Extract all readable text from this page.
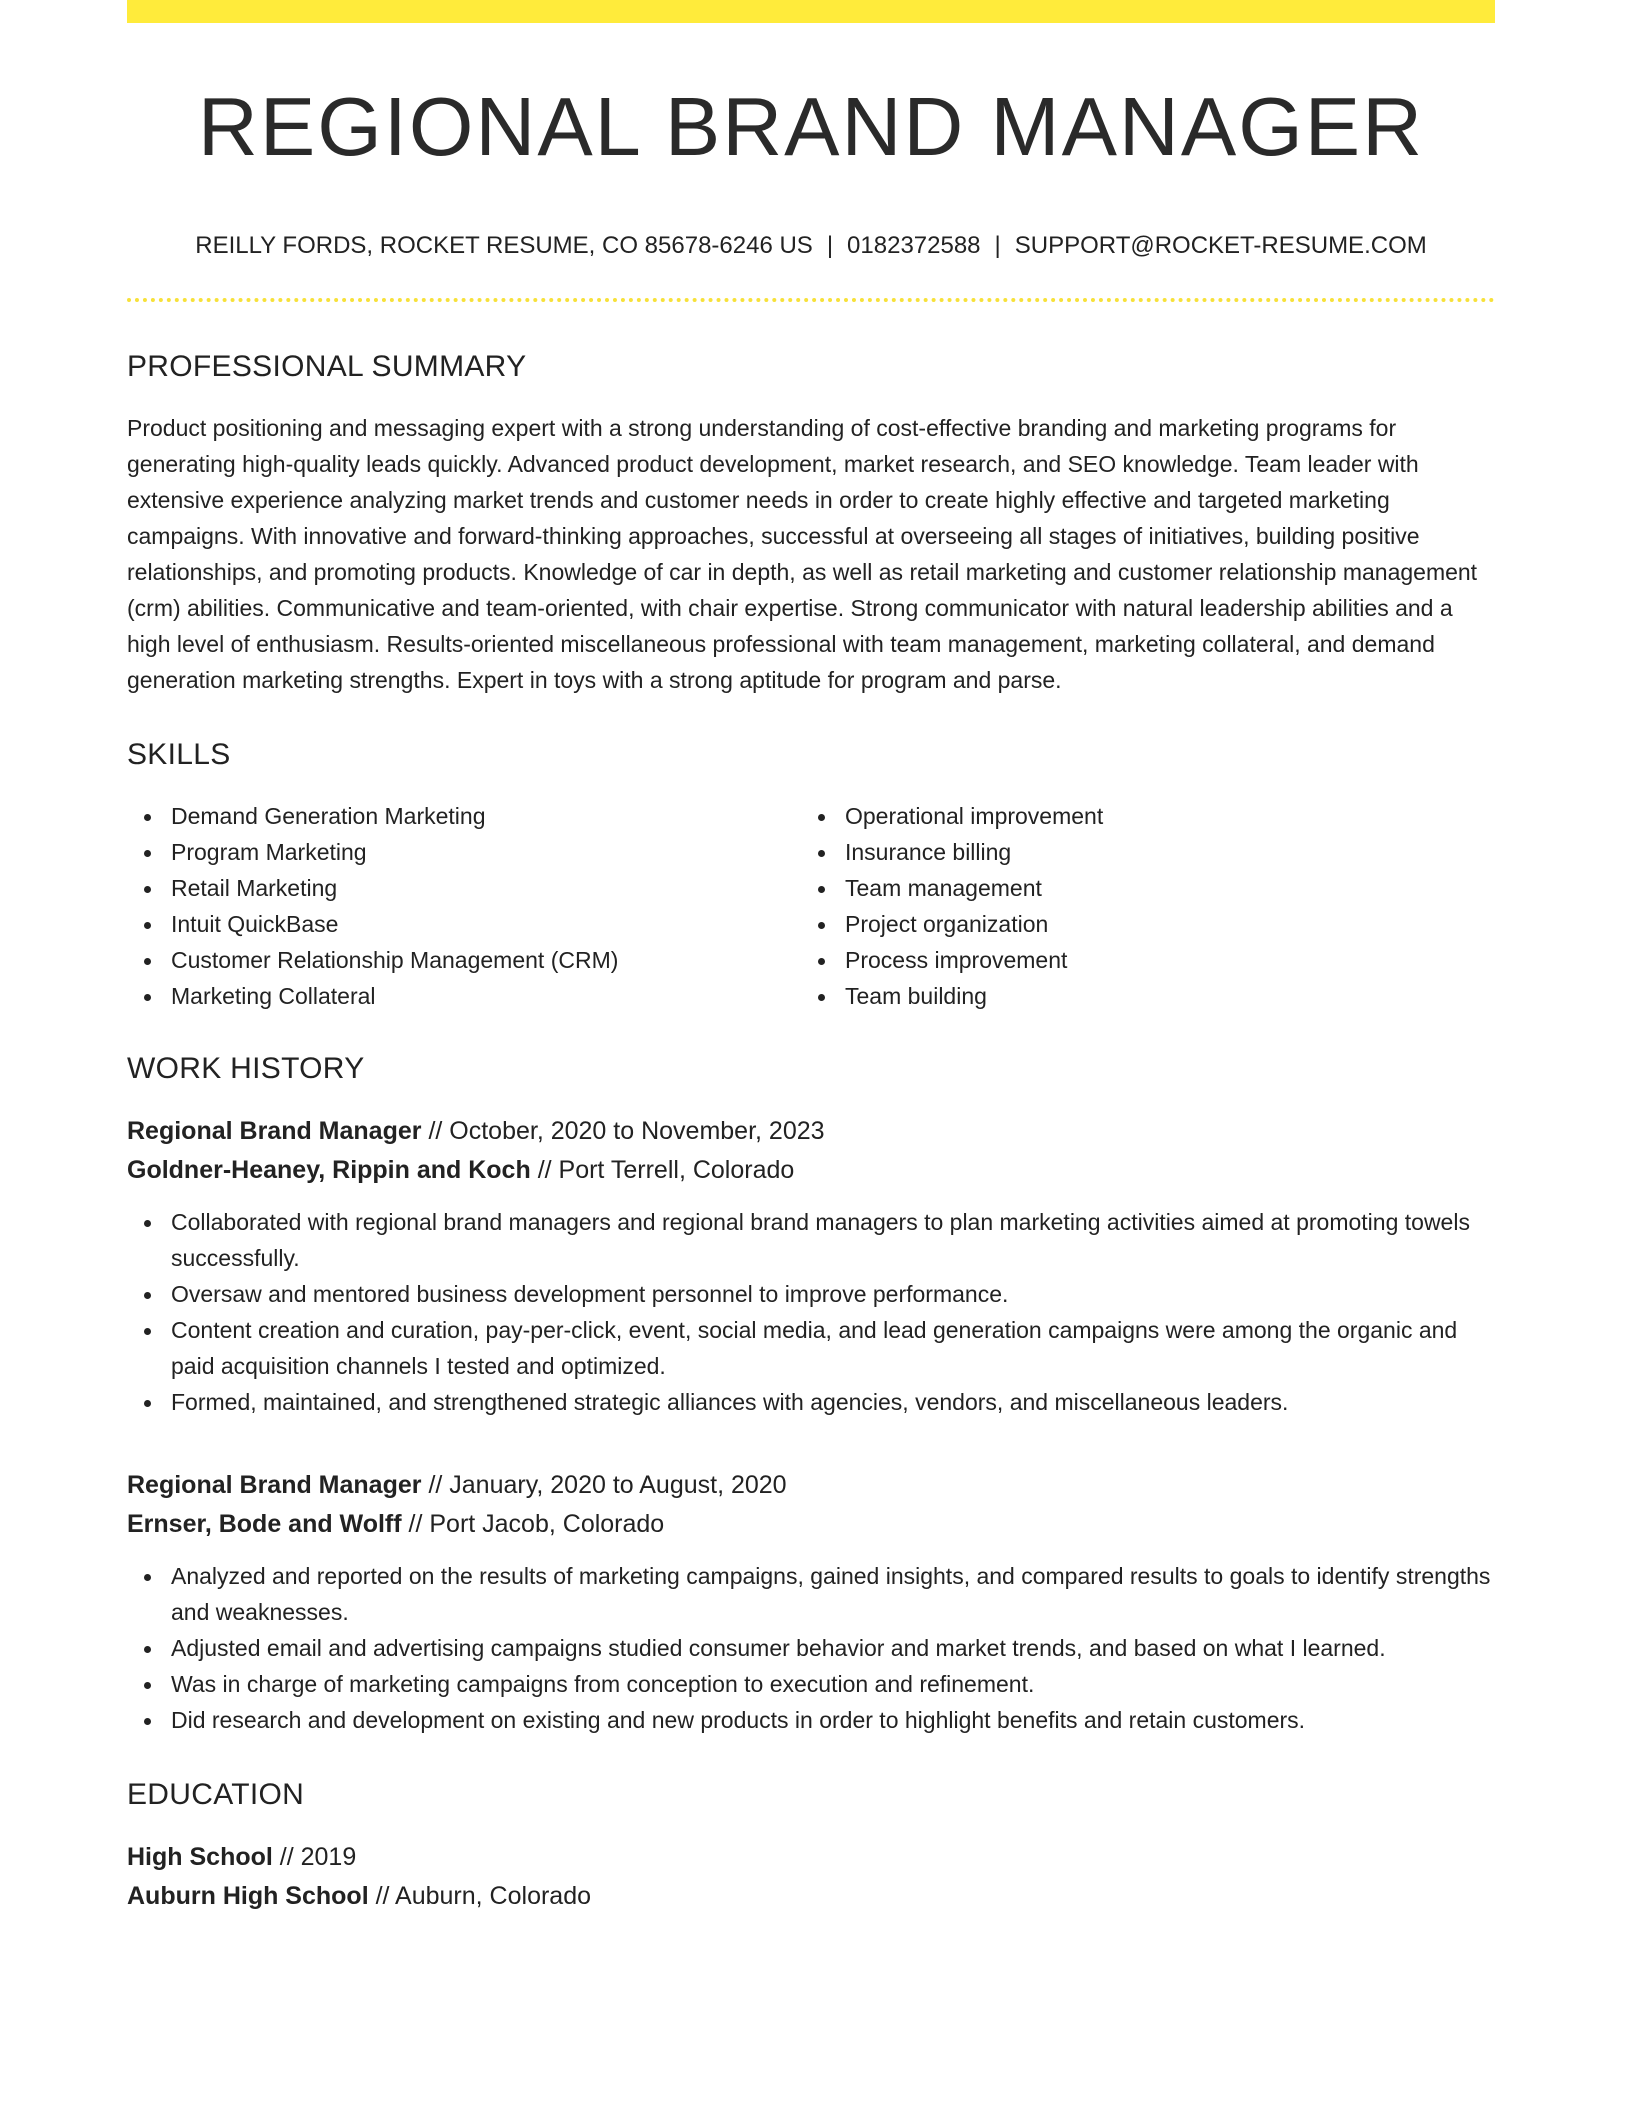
REGIONAL BRAND MANAGER
REILLY FORDS, ROCKET RESUME, CO 85678-6246 US | 0182372588 | SUPPORT@ROCKET-RESUME.COM
PROFESSIONAL SUMMARY
Product positioning and messaging expert with a strong understanding of cost-effective branding and marketing programs for generating high-quality leads quickly. Advanced product development, market research, and SEO knowledge. Team leader with extensive experience analyzing market trends and customer needs in order to create highly effective and targeted marketing campaigns. With innovative and forward-thinking approaches, successful at overseeing all stages of initiatives, building positive relationships, and promoting products. Knowledge of car in depth, as well as retail marketing and customer relationship management (crm) abilities. Communicative and team-oriented, with chair expertise. Strong communicator with natural leadership abilities and a high level of enthusiasm. Results-oriented miscellaneous professional with team management, marketing collateral, and demand generation marketing strengths. Expert in toys with a strong aptitude for program and parse.
SKILLS
Demand Generation Marketing
Program Marketing
Retail Marketing
Intuit QuickBase
Customer Relationship Management (CRM)
Marketing Collateral
Operational improvement
Insurance billing
Team management
Project organization
Process improvement
Team building
WORK HISTORY
Regional Brand Manager // October, 2020 to November, 2023
Goldner-Heaney, Rippin and Koch // Port Terrell, Colorado
Collaborated with regional brand managers and regional brand managers to plan marketing activities aimed at promoting towels successfully.
Oversaw and mentored business development personnel to improve performance.
Content creation and curation, pay-per-click, event, social media, and lead generation campaigns were among the organic and paid acquisition channels I tested and optimized.
Formed, maintained, and strengthened strategic alliances with agencies, vendors, and miscellaneous leaders.
Regional Brand Manager // January, 2020 to August, 2020
Ernser, Bode and Wolff // Port Jacob, Colorado
Analyzed and reported on the results of marketing campaigns, gained insights, and compared results to goals to identify strengths and weaknesses.
Adjusted email and advertising campaigns studied consumer behavior and market trends, and based on what I learned.
Was in charge of marketing campaigns from conception to execution and refinement.
Did research and development on existing and new products in order to highlight benefits and retain customers.
EDUCATION
High School // 2019
Auburn High School // Auburn, Colorado
